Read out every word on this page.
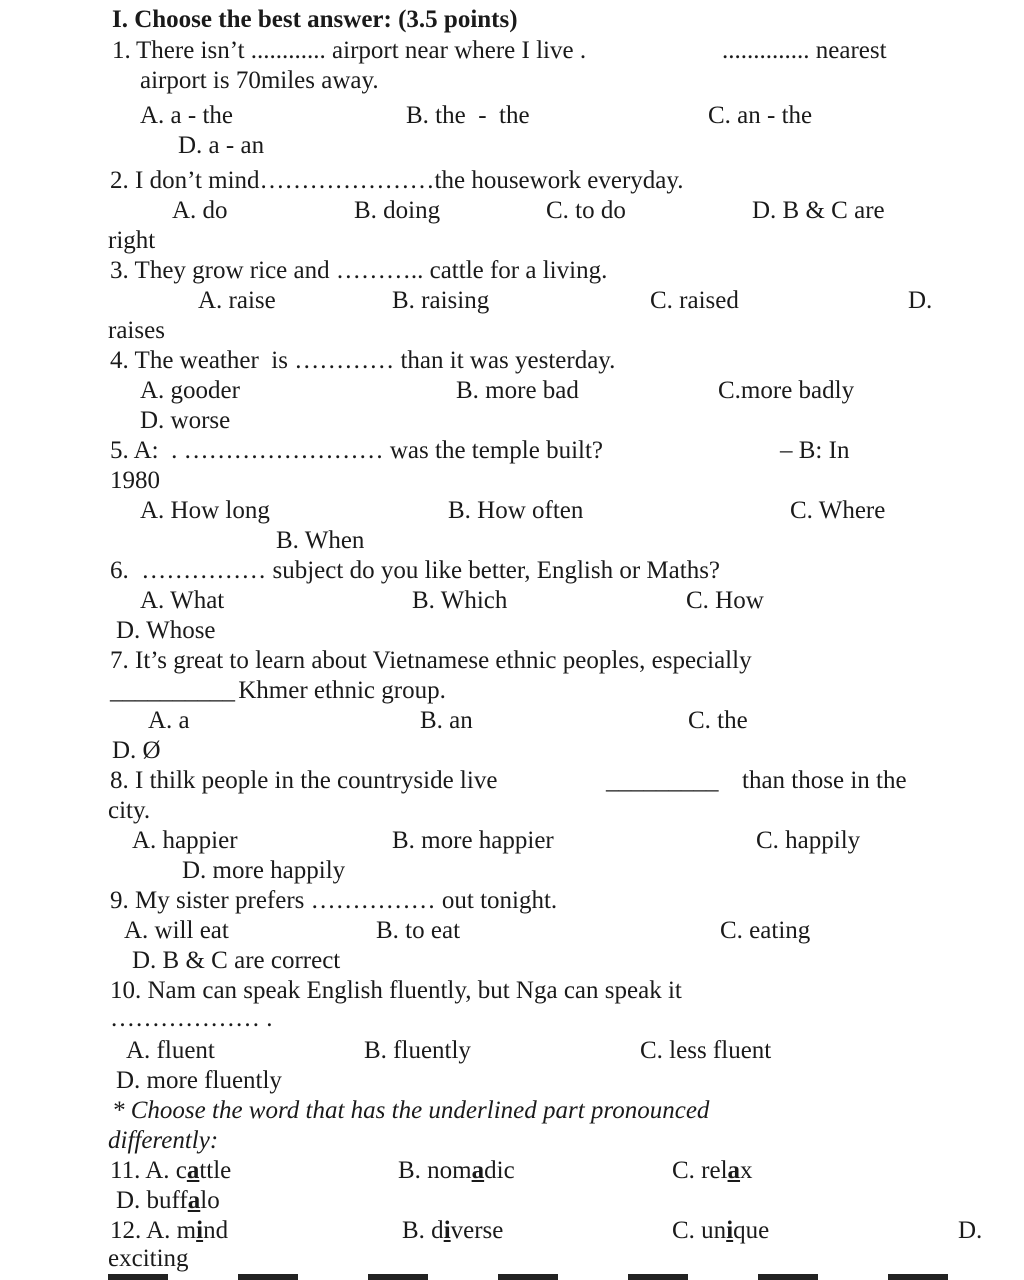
I. Choose the best answer: (3.5 points)
1. There isn’t ............ airport near where I live .	.............. nearest
airport is 70miles away.
A. a - the	B. the  -  the	C. an - the
D. a - an
2. I don’t mind…………………the housework everyday.
A. do	B. doing	C. to do	D. B & C are
right
3. They grow rice and ……….. cattle for a living.
A. raise	B. raising	C. raised	D.
raises
4. The weather  is ………… than it was yesterday.
A. gooder	B. more bad	C.more badly
D. worse
5. A:  . …………………… was the temple built?	– B: In
1980
A. How long	B. How often	C. Where
B. When
6.  …………… subject do you like better, English or Maths?
A. What	B. Which	C. How
D. Whose
7. It’s great to learn about Vietnamese ethnic peoples, especially
__________
Khmer ethnic group.
A. a	B. an	C. the
D. Ø
8. I thilk people in the countryside live	_________ than those in the
city.
A. happier	B. more happier	C. happily
D. more happily
9. My sister prefers …………… out tonight.
A. will eat	B. to eat	C. eating
D. B & C are correct
10. Nam can speak English fluently, but Nga can speak it
……………… .
A. fluent	B. fluently	C. less fluent
D. more fluently
* Choose the word that has the underlined part pronounced
differently:
11. A. cattle	B. nomadic	C. relax
D. buffalo
12. A. mind	B. diverse	C. unique	D.
exciting
